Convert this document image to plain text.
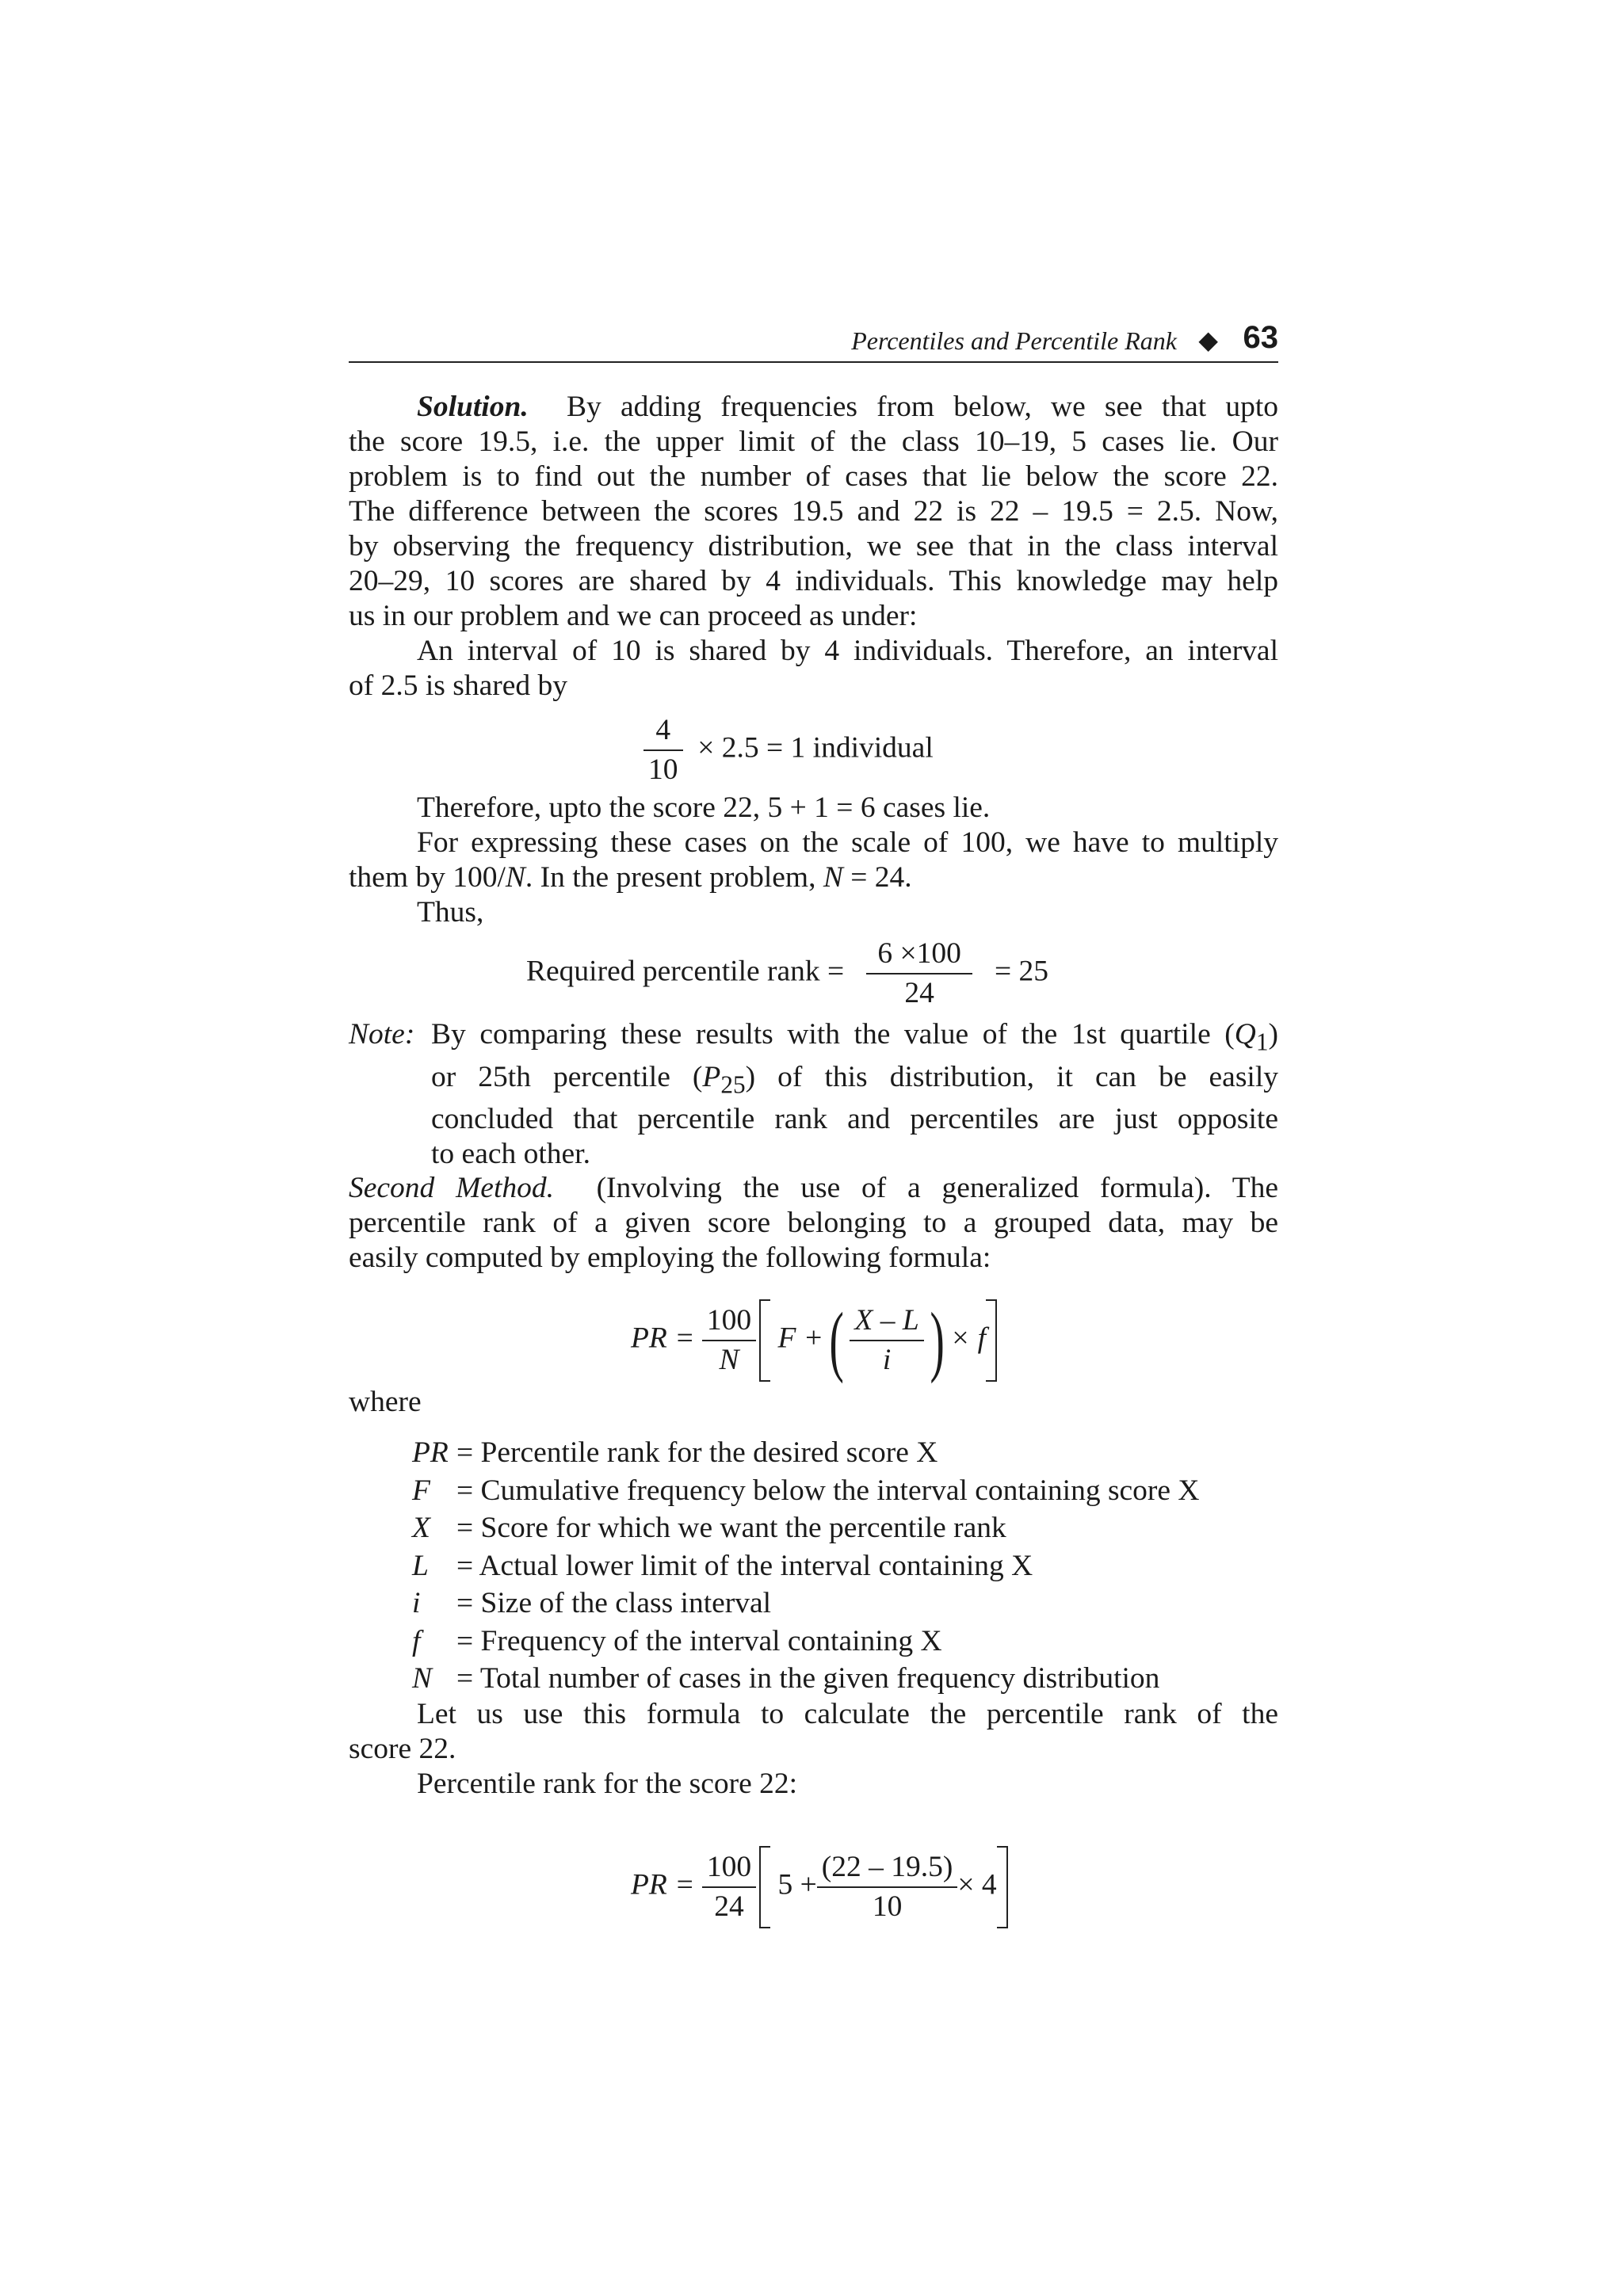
Percentiles and Percentile Rank ◆ 63
Solution. By adding frequencies from below, we see that upto
the score 19.5, i.e. the upper limit of the class 10–19, 5 cases lie. Our
problem is to find out the number of cases that lie below the score 22.
The difference between the scores 19.5 and 22 is 22 – 19.5 = 2.5. Now,
by observing the frequency distribution, we see that in the class interval
20–29, 10 scores are shared by 4 individuals. This knowledge may help
us in our problem and we can proceed as under:
An interval of 10 is shared by 4 individuals. Therefore, an interval
of 2.5 is shared by
$\frac{4}{10} \times 2.5 = 1$ individual
Therefore, upto the score 22, 5 + 1 = 6 cases lie.
For expressing these cases on the scale of 100, we have to multiply
them by 100/N. In the present problem, N = 24.
Thus,
Required percentile rank = $\frac{6 \times 100}{24} = 25$
Note: By comparing these results with the value of the 1st quartile $(Q_1)$
or 25th percentile $(P_{25})$ of this distribution, it can be easily
concluded that percentile rank and percentiles are just opposite
to each other.
Second Method. (Involving the use of a generalized formula). The
percentile rank of a given score belonging to a grouped data, may be
easily computed by employing the following formula:
PR = $\frac{100}{N}$ F +( $\frac{X - L}{i}$ ) × f
where
PR = Percentile rank for the desired score X
F = Cumulative frequency below the interval containing score X
X = Score for which we want the percentile rank
L = Actual lower limit of the interval containing X
i = Size of the class interval
f = Frequency of the interval containing X
N = Total number of cases in the given frequency distribution
Let us use this formula to calculate the percentile rank of the
score 22.
Percentile rank for the score 22:
PR = $\frac{100}{24} 5 + \frac{(22 - 19.5)}{10} \times 4$
